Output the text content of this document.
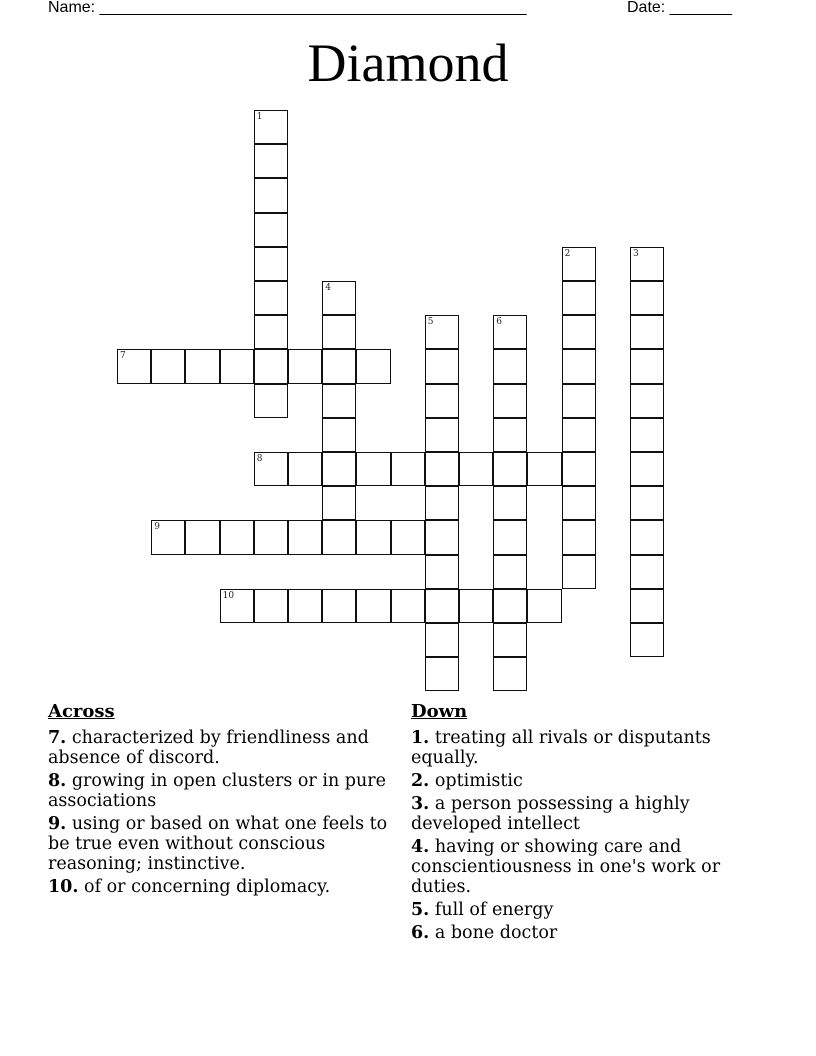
Name: ________________________________________________	Date: _______
Diamond
1
2	3
4
5	6
7
8
9
10
Across
7. characterized by friendliness and absence of discord.
8. growing in open clusters or in pure associations
9. using or based on what one feels to be true even without conscious reasoning; instinctive.
10. of or concerning diplomacy.
Down
1. treating all rivals or disputants equally.
2. optimistic
3. a person possessing a highly developed intellect
4. having or showing care and conscientiousness in one's work or duties.
5. full of energy
6. a bone doctor
